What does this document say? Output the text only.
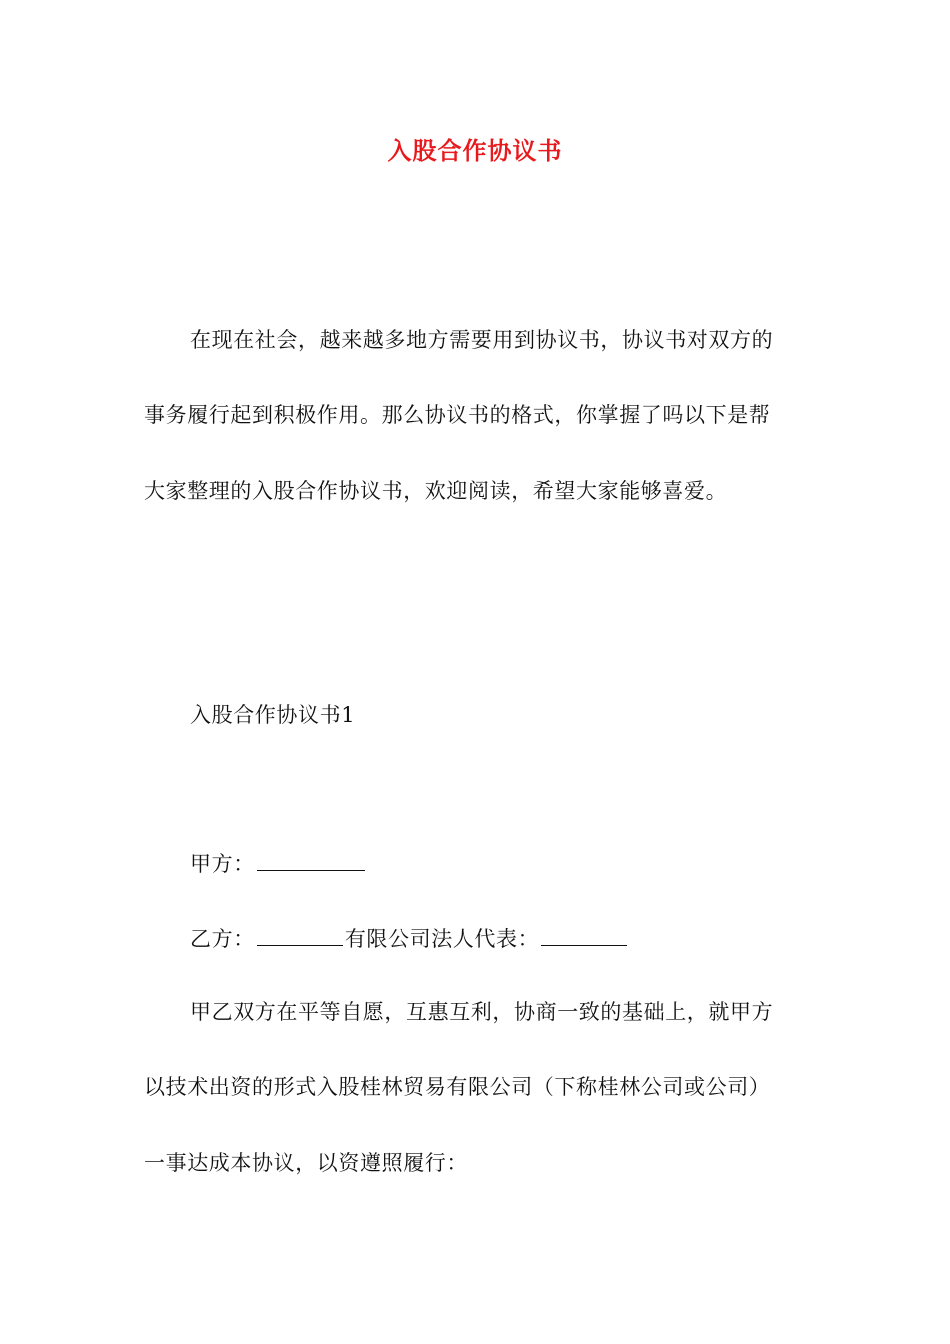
入股合作协议书
在现在社会，越来越多地方需要用到协议书，协议书对双方的
事务履行起到积极作用。那么协议书的格式，你掌握了吗以下是帮
大家整理的入股合作协议书，欢迎阅读，希望大家能够喜爱。
入股合作协议书1
甲方：
乙方：	有限公司法人代表：
甲乙双方在平等自愿，互惠互利，协商一致的基础上，就甲方
以技术出资的形式入股桂林贸易有限公司（下称桂林公司或公司）
一事达成本协议，以资遵照履行：
